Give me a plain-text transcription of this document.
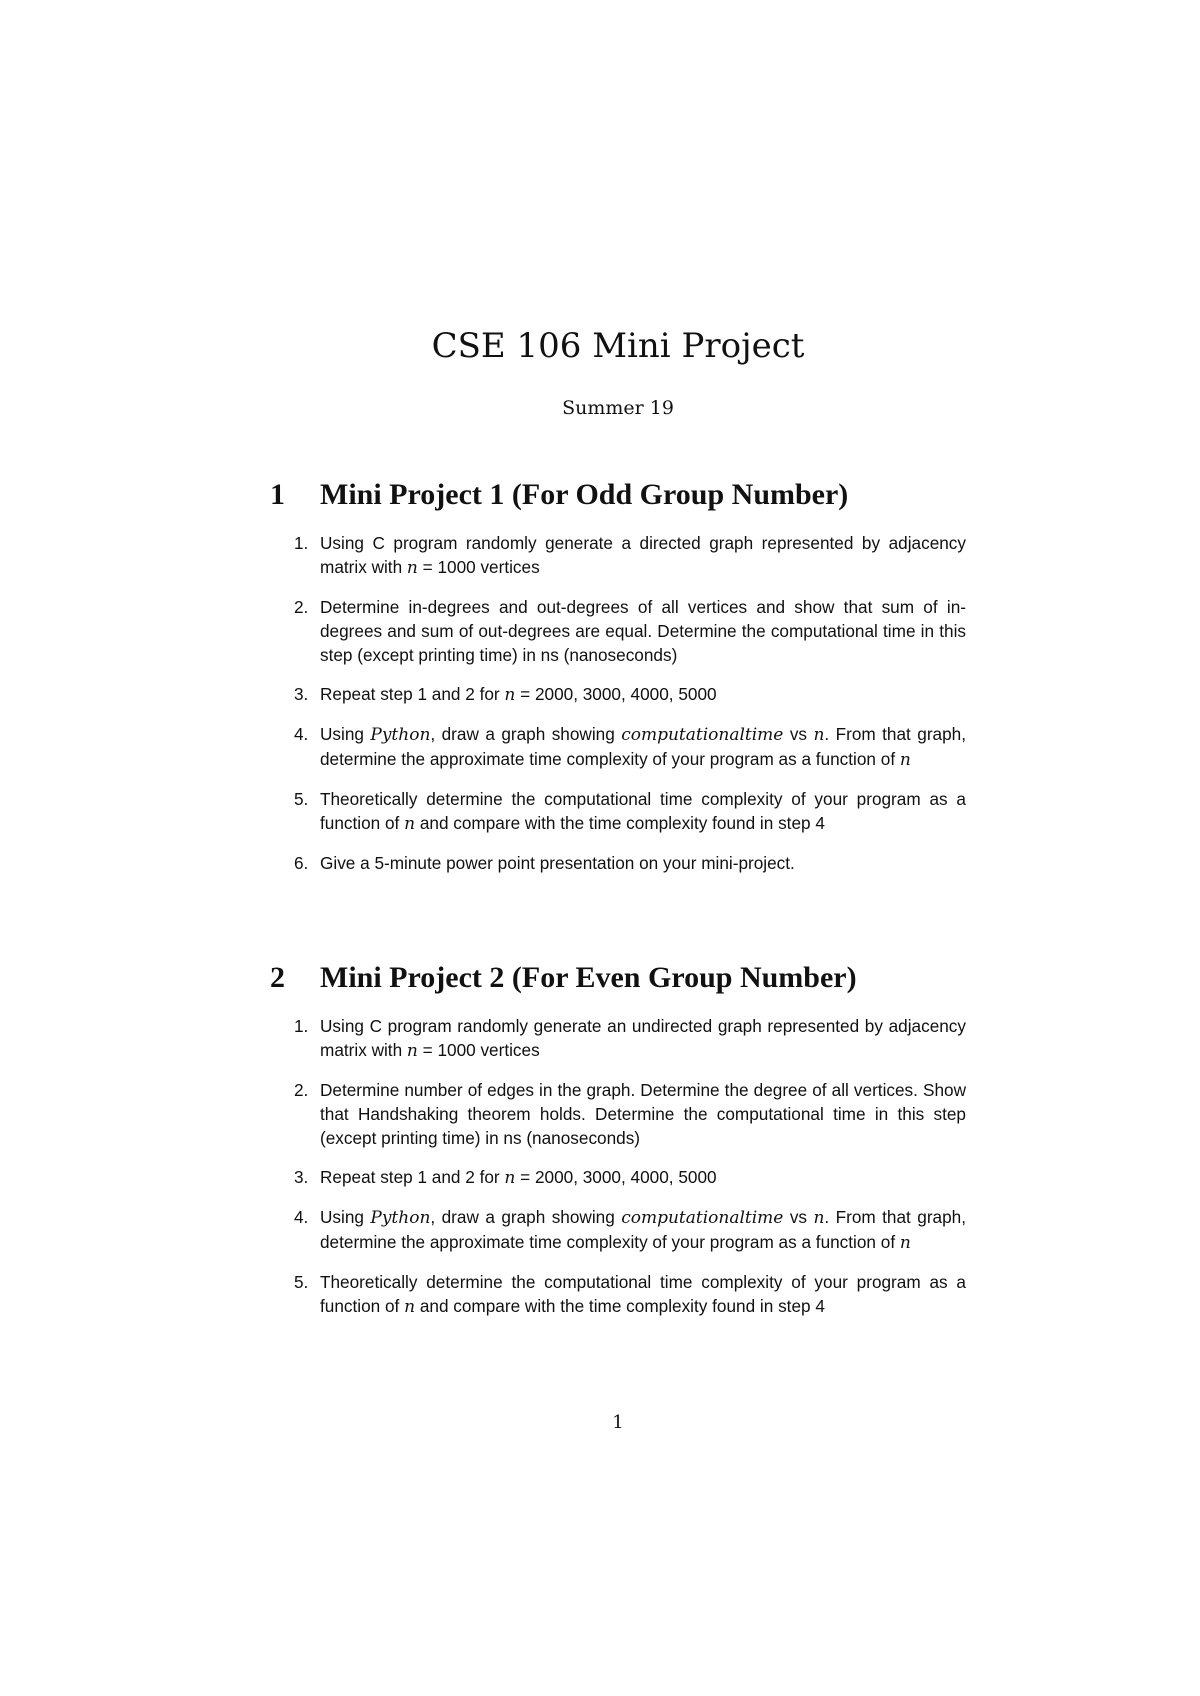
CSE 106 Mini Project
Summer 19
1 Mini Project 1 (For Odd Group Number)
1. Using C program randomly generate a directed graph represented by adjacency matrix with n = 1000 vertices
2. Determine in-degrees and out-degrees of all vertices and show that sum of in-degrees and sum of out-degrees are equal. Determine the computational time in this step (except printing time) in ns (nanoseconds)
3. Repeat step 1 and 2 for n = 2000, 3000, 4000, 5000
4. Using Python, draw a graph showing computationaltime vs n. From that graph, determine the approximate time complexity of your program as a function of n
5. Theoretically determine the computational time complexity of your program as a function of n and compare with the time complexity found in step 4
6. Give a 5-minute power point presentation on your mini-project.
2 Mini Project 2 (For Even Group Number)
1. Using C program randomly generate an undirected graph represented by adjacency matrix with n = 1000 vertices
2. Determine number of edges in the graph. Determine the degree of all vertices. Show that Handshaking theorem holds. Determine the computational time in this step (except printing time) in ns (nanoseconds)
3. Repeat step 1 and 2 for n = 2000, 3000, 4000, 5000
4. Using Python, draw a graph showing computationaltime vs n. From that graph, determine the approximate time complexity of your program as a function of n
5. Theoretically determine the computational time complexity of your program as a function of n and compare with the time complexity found in step 4
1
